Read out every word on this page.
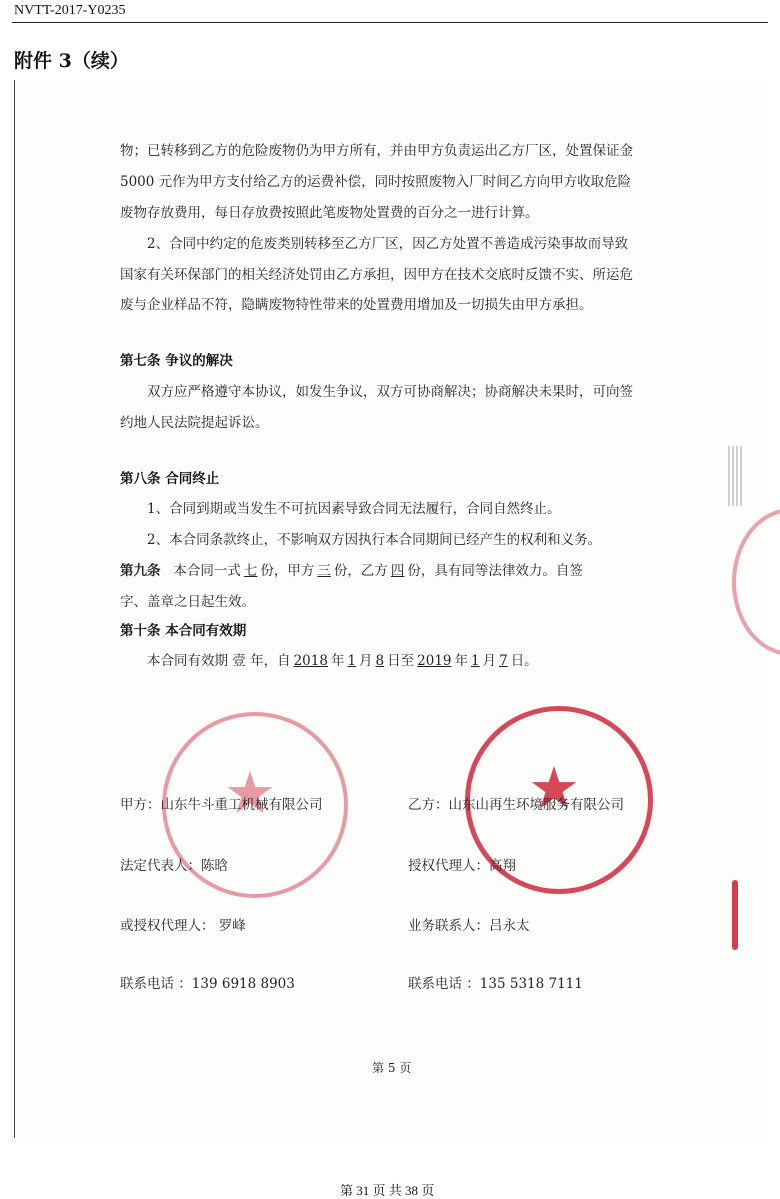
NVTT-2017-Y0235
附件 3（续）
物；已转移到乙方的危险废物仍为甲方所有，并由甲方负责运出乙方厂区，处置保证金
5000 元作为甲方支付给乙方的运费补偿，同时按照废物入厂时间乙方向甲方收取危险
废物存放费用，每日存放费按照此笔废物处置费的百分之一进行计算。
2、合同中约定的危废类别转移至乙方厂区，因乙方处置不善造成污染事故而导致
国家有关环保部门的相关经济处罚由乙方承担，因甲方在技术交底时反馈不实、所运危
废与企业样品不符，隐瞒废物特性带来的处置费用增加及一切损失由甲方承担。
第七条 争议的解决
双方应严格遵守本协议，如发生争议，双方可协商解决；协商解决未果时，可向签
约地人民法院提起诉讼。
第八条 合同终止
1、合同到期或当发生不可抗因素导致合同无法履行，合同自然终止。
2、本合同条款终止，不影响双方因执行本合同期间已经产生的权利和义务。
第九条 本合同一式 七 份，甲方 三 份，乙方 四 份，具有同等法律效力。自签
字、盖章之日起生效。
第十条 本合同有效期
本合同有效期 壹 年，自 2018 年 1 月 8 日至 2019 年 1 月 7 日。
★	★
甲方：山东牛斗重工机械有限公司	乙方：山东山再生环境服务有限公司
法定代表人：陈晗	授权代理人：高翔
或授权代理人： 罗峰	业务联系人：吕永太
联系电话 ：139 6918 8903	联系电话 ：135 5318 7111
第 5 页
第 31 页 共 38 页
